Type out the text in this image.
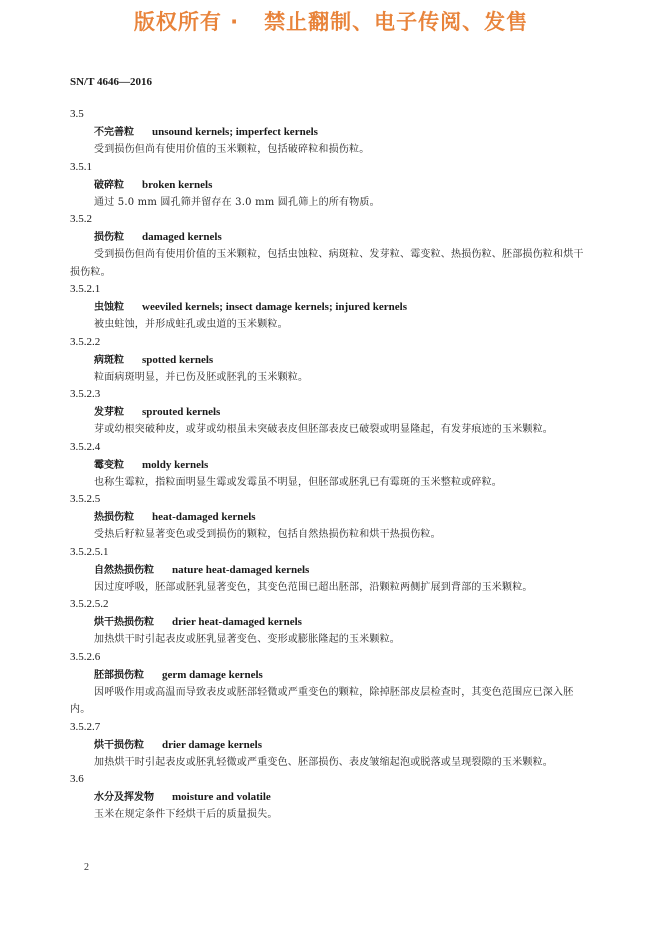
版权所有 ·   禁止翻制、电子传阅、发售
SN/T 4646—2016
3.5
不完善粒 unsound kernels; imperfect kernels
受到损伤但尚有使用价值的玉米颗粒，包括破碎粒和损伤粒。
3.5.1
破碎粒 broken kernels
通过 5.0 mm 圆孔筛并留存在 3.0 mm 圆孔筛上的所有物质。
3.5.2
损伤粒 damaged kernels
受到损伤但尚有使用价值的玉米颗粒，包括虫蚀粒、病斑粒、发芽粒、霉变粒、热损伤粒、胚部损伤粒和烘干损伤粒。
3.5.2.1
虫蚀粒 weeviled kernels; insect damage kernels; injured kernels
被虫蛀蚀，并形成蛀孔或虫道的玉米颗粒。
3.5.2.2
病斑粒 spotted kernels
粒面病斑明显，并已伤及胚或胚乳的玉米颗粒。
3.5.2.3
发芽粒 sprouted kernels
芽或幼根突破种皮，或芽或幼根虽未突破表皮但胚部表皮已破裂或明显隆起，有发芽痕迹的玉米颗粒。
3.5.2.4
霉变粒 moldy kernels
也称生霉粒，指粒面明显生霉或发霉虽不明显，但胚部或胚乳已有霉斑的玉米整粒或碎粒。
3.5.2.5
热损伤粒 heat-damaged kernels
受热后籽粒显著变色或受到损伤的颗粒，包括自然热损伤粒和烘干热损伤粒。
3.5.2.5.1
自然热损伤粒 nature heat-damaged kernels
因过度呼吸，胚部或胚乳显著变色，其变色范围已超出胚部，沿颗粒两侧扩展到背部的玉米颗粒。
3.5.2.5.2
烘干热损伤粒 drier heat-damaged kernels
加热烘干时引起表皮或胚乳显著变色、变形或膨胀隆起的玉米颗粒。
3.5.2.6
胚部损伤粒 germ damage kernels
因呼吸作用或高温而导致表皮或胚部轻微或严重变色的颗粒，除掉胚部皮层检查时，其变色范围应已深入胚内。
3.5.2.7
烘干损伤粒 drier damage kernels
加热烘干时引起表皮或胚乳轻微或严重变色、胚部损伤、表皮皱缩起泡或脱落或呈现裂隙的玉米颗粒。
3.6
水分及挥发物 moisture and volatile
玉米在规定条件下经烘干后的质量损失。
2
